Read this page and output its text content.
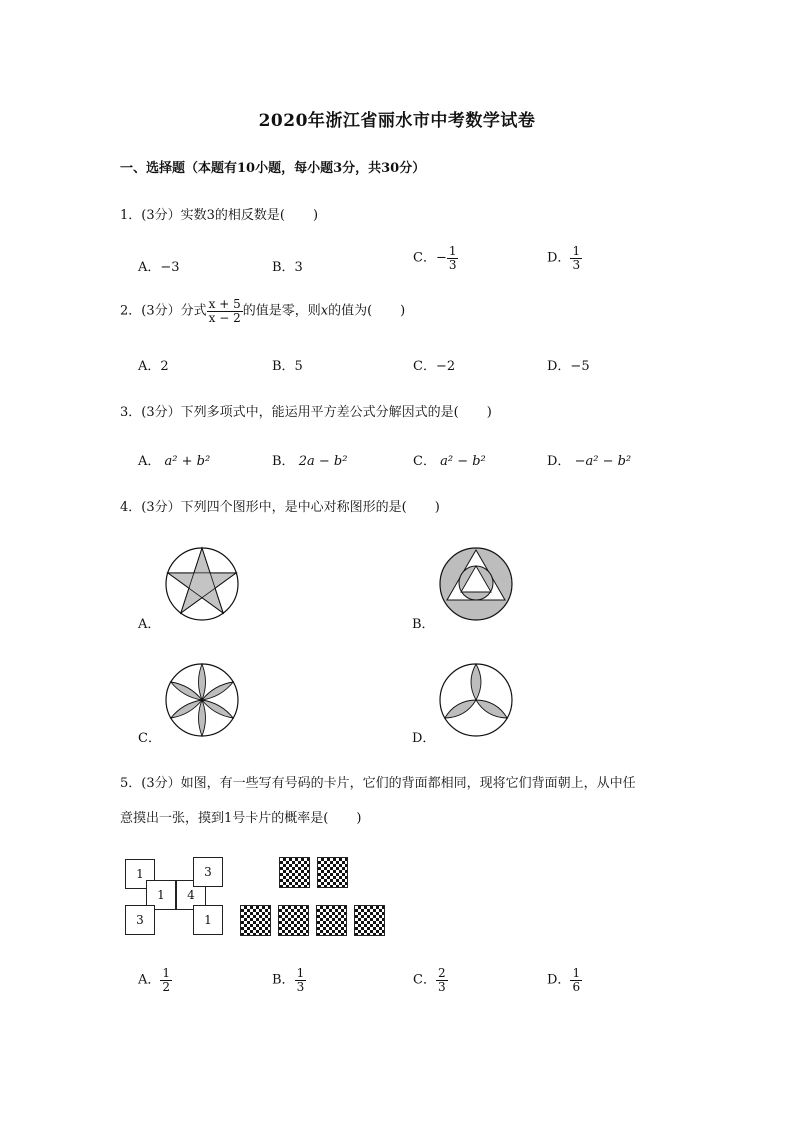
2020年浙江省丽水市中考数学试卷
一、选择题（本题有10小题，每小题3分，共30分）
1．(3分）实数3的相反数是( )
A．−3	B．3
C．− $\frac{1}{3}$	D． $\frac{1}{3}$
2．(3分）分式 $\frac{x + 5}{x - 2}$ 的值是零，则x的值为( )
A．2	B．5	C．−2	D．−5
3．(3分）下列多项式中，能运用平方差公式分解因式的是( )
A． a² + b²	B． 2a − b²	C． a² − b²	D． −a² − b²
4．(3分）下列四个图形中，是中心对称图形的是( )
A．	B．
C．	D．
5．(3分）如图，有一些写有号码的卡片，它们的背面都相同，现将它们背面朝上，从中任
意摸出一张，摸到1号卡片的概率是( )
1
1
3
4
3
1
A． $\frac{1}{2}$	B． $\frac{1}{3}$	C． $\frac{2}{3}$	D． $\frac{1}{6}$
